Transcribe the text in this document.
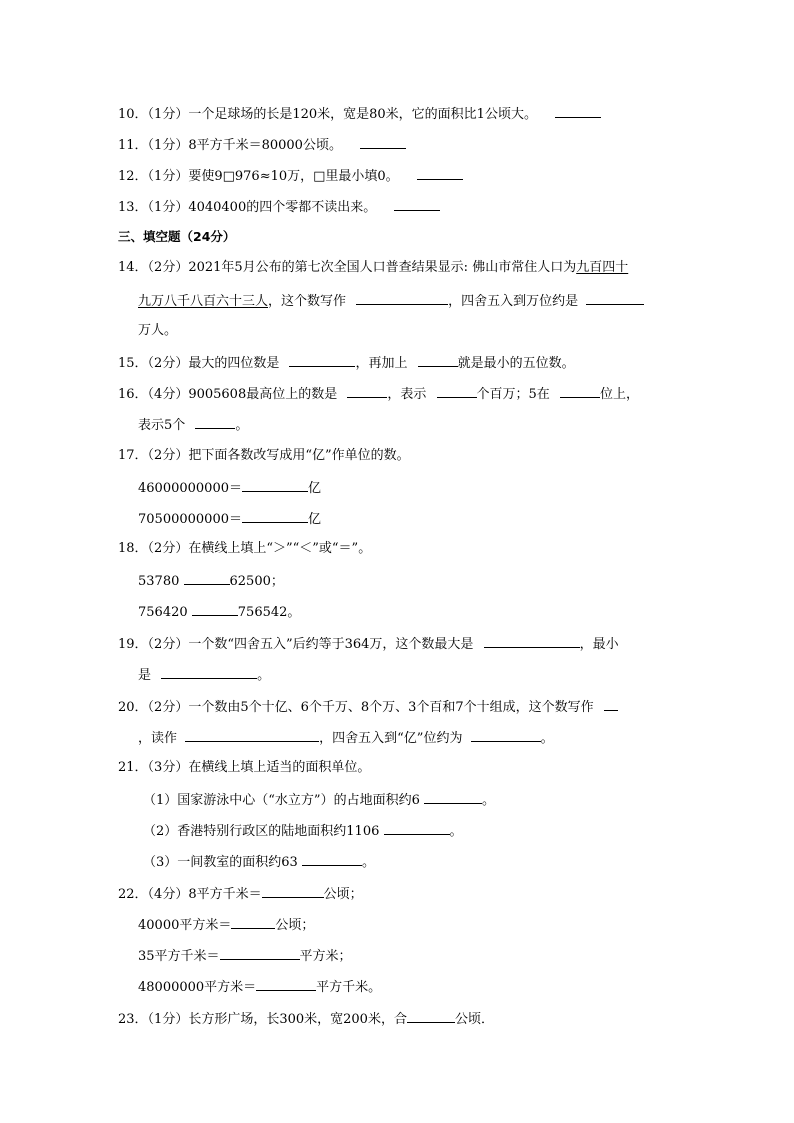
10．（1分）一个足球场的长是120米，宽是80米，它的面积比1公顷大。
11．（1分）8平方千米＝80000公顷。
12．（1分）要使9□976≈10万，□里最小填0。
13．（1分）4040400的四个零都不读出来。
三、填空题（24分）
14．（2分）2021年5月公布的第七次全国人口普查结果显示: 佛山市常住人口为九百四十
九万八千八百六十三人，这个数写作	，四舍五入到万位约是
万人。
15．（2分）最大的四位数是	，再加上	就是最小的五位数。
16．（4分）9005608最高位上的数是	，表示	个百万；5在	位上，
表示5个	。
17．（2分）把下面各数改写成用“亿”作单位的数。
46000000000＝	亿
70500000000＝	亿
18．（2分）在横线上填上“＞”“＜”或“＝”。
53780	62500；
756420	756542。
19．（2分）一个数“四舍五入”后约等于364万，这个数最大是	，最小
是	。
20．（2分）一个数由5个十亿、6个千万、8个万、3个百和7个十组成，这个数写作
，读作	，四舍五入到“亿”位约为	。
21．（3分）在横线上填上适当的面积单位。
（1）国家游泳中心（“水立方”）的占地面积约6	。
（2）香港特别行政区的陆地面积约1106	。
（3）一间教室的面积约63	。
22．（4分）8平方千米＝	公顷；
40000平方米＝	公顷；
35平方千米＝	平方米；
48000000平方米＝	平方千米。
23．（1分）长方形广场，长300米，宽200米，合	公顷．
